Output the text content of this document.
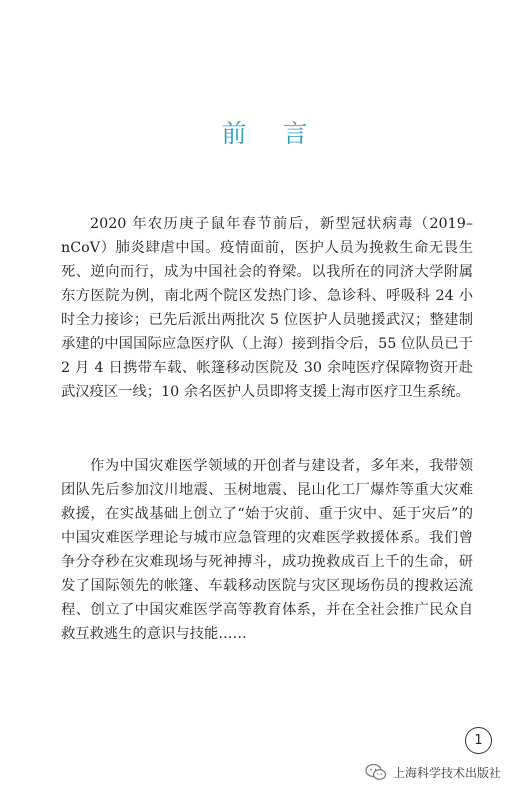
前言

2020 年农历庚子鼠年春节前后，新型冠状病毒（2019–nCoV）肺炎肆虐中国。疫情面前，医护人员为挽救生命无畏生死、逆向而行，成为中国社会的脊梁。以我所在的同济大学附属东方医院为例，南北两个院区发热门诊、急诊科、呼吸科 24 小时全力接诊；已先后派出两批次 5 位医护人员驰援武汉；整建制承建的中国国际应急医疗队（上海）接到指令后，55 位队员已于 2 月 4 日携带车载、帐篷移动医院及 30 余吨医疗保障物资开赴武汉疫区一线；10 余名医护人员即将支援上海市医疗卫生系统。

作为中国灾难医学领域的开创者与建设者，多年来，我带领团队先后参加汶川地震、玉树地震、昆山化工厂爆炸等重大灾难救援，在实战基础上创立了“始于灾前、重于灾中、延于灾后”的中国灾难医学理论与城市应急管理的灾难医学救援体系。我们曾争分夺秒在灾难现场与死神搏斗，成功挽救成百上千的生命，研发了国际领先的帐篷、车载移动医院与灾区现场伤员的搜救运流程、创立了中国灾难医学高等教育体系，并在全社会推广民众自救互救逃生的意识与技能……

1
上海科学技术出版社
